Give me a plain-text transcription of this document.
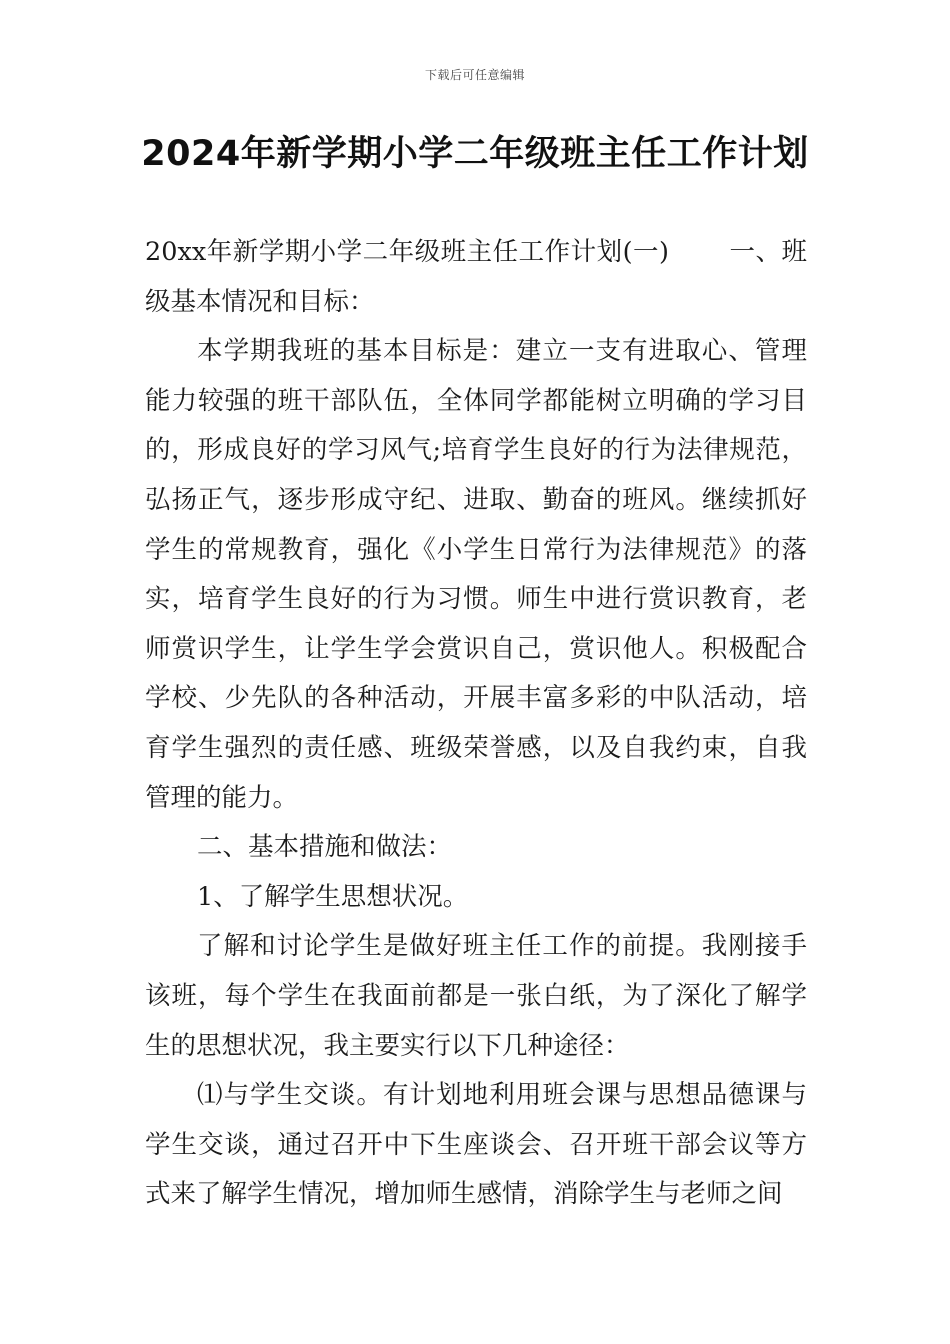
下载后可任意编辑
2024年新学期小学二年级班主任工作计划

20xx年新学期小学二年级班主任工作计划(一) 一、班级基本情况和目标：

本学期我班的基本目标是：建立一支有进取心、管理能力较强的班干部队伍，全体同学都能树立明确的学习目的，形成良好的学习风气;培育学生良好的行为法律规范，弘扬正气，逐步形成守纪、进取、勤奋的班风。继续抓好学生的常规教育，强化《小学生日常行为法律规范》的落实，培育学生良好的行为习惯。师生中进行赏识教育，老师赏识学生，让学生学会赏识自己，赏识他人。积极配合学校、少先队的各种活动，开展丰富多彩的中队活动，培育学生强烈的责任感、班级荣誉感，以及自我约束，自我管理的能力。

二、基本措施和做法：

1、了解学生思想状况。

了解和讨论学生是做好班主任工作的前提。我刚接手该班，每个学生在我面前都是一张白纸，为了深化了解学生的思想状况，我主要实行以下几种途径：

⑴与学生交谈。有计划地利用班会课与思想品德课与学生交谈，通过召开中下生座谈会、召开班干部会议等方式来了解学生情况，增加师生感情，消除学生与老师之间
